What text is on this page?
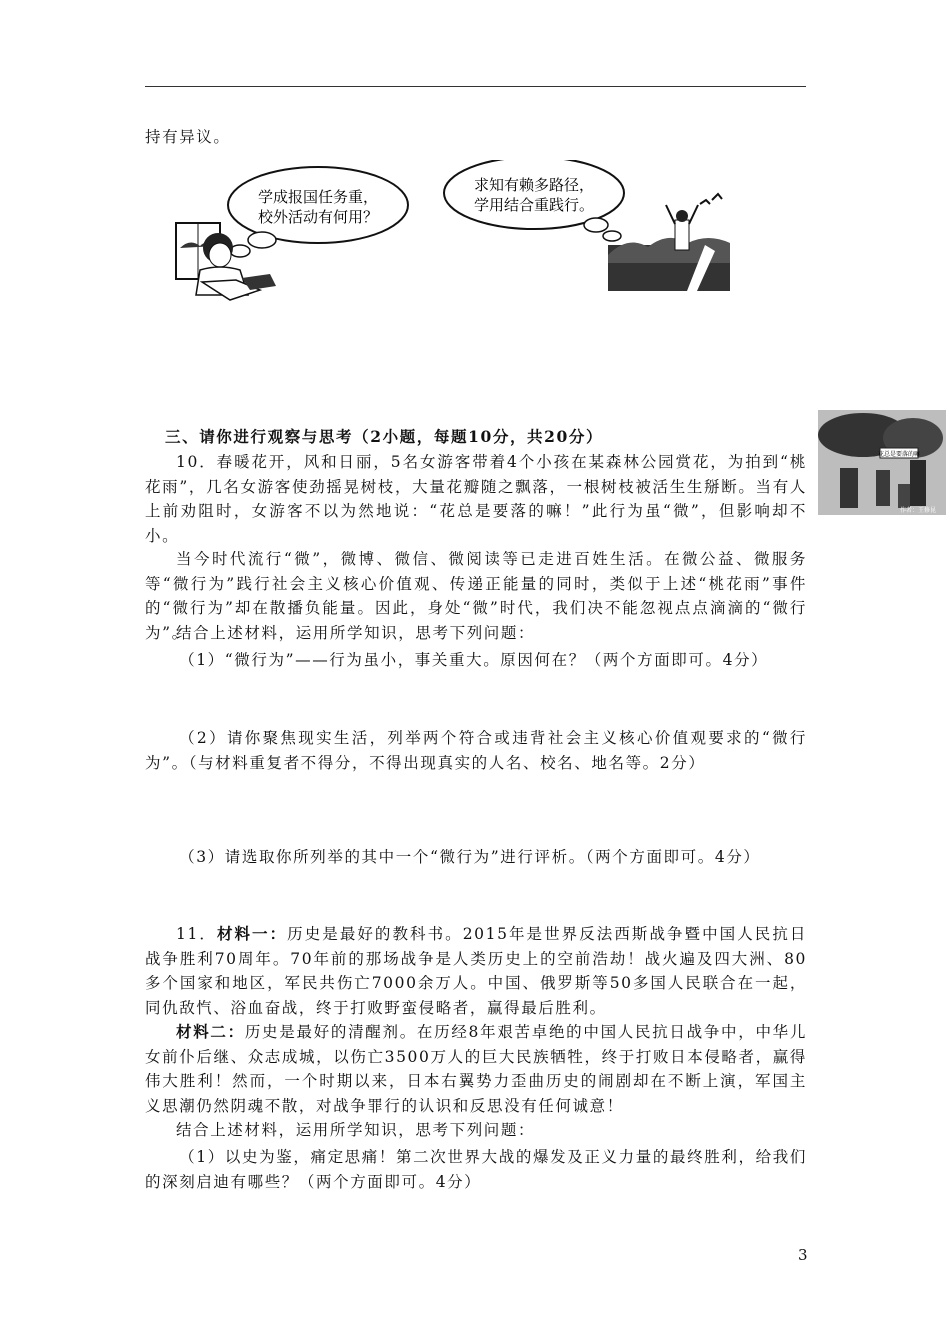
持有异议。
学成报国任务重，
校外活动有何用？
求知有赖多路径，
学用结合重践行。
花总是要落的嘛
作者：王修昆
三、请你进行观察与思考（2小题，每题10分，共20分）
10．春暖花开，风和日丽，5名女游客带着4个小孩在某森林公园赏花，为拍到“桃花雨”，几名女游客使劲摇晃树枝，大量花瓣随之飘落，一根树枝被活生生掰断。当有人上前劝阻时，女游客不以为然地说：“花总是要落的嘛！”此行为虽“微”，但影响却不小。
当今时代流行“微”，微博、微信、微阅读等已走进百姓生活。在微公益、微服务等“微行为”践行社会主义核心价值观、传递正能量的同时，类似于上述“桃花雨”事件的“微行为”却在散播负能量。因此，身处“微”时代，我们决不能忽视点点滴滴的“微行为”。
结合上述材料，运用所学知识，思考下列问题：
（1）“微行为”——行为虽小，事关重大。原因何在？（两个方面即可。4分）
（2）请你聚焦现实生活，列举两个符合或违背社会主义核心价值观要求的“微行为”。（与材料重复者不得分，不得出现真实的人名、校名、地名等。2分）
（3）请选取你所列举的其中一个“微行为”进行评析。（两个方面即可。4分）
11．材料一：历史是最好的教科书。2015年是世界反法西斯战争暨中国人民抗日战争胜利70周年。70年前的那场战争是人类历史上的空前浩劫！战火遍及四大洲、80多个国家和地区，军民共伤亡7000余万人。中国、俄罗斯等50多国人民联合在一起，同仇敌忾、浴血奋战，终于打败野蛮侵略者，赢得最后胜利。
材料二：历史是最好的清醒剂。在历经8年艰苦卓绝的中国人民抗日战争中，中华儿女前仆后继、众志成城，以伤亡3500万人的巨大民族牺牲，终于打败日本侵略者，赢得伟大胜利！然而，一个时期以来，日本右翼势力歪曲历史的闹剧却在不断上演，军国主义思潮仍然阴魂不散，对战争罪行的认识和反思没有任何诚意！
结合上述材料，运用所学知识，思考下列问题：
（1）以史为鉴，痛定思痛！第二次世界大战的爆发及正义力量的最终胜利，给我们的深刻启迪有哪些？（两个方面即可。4分）
3
